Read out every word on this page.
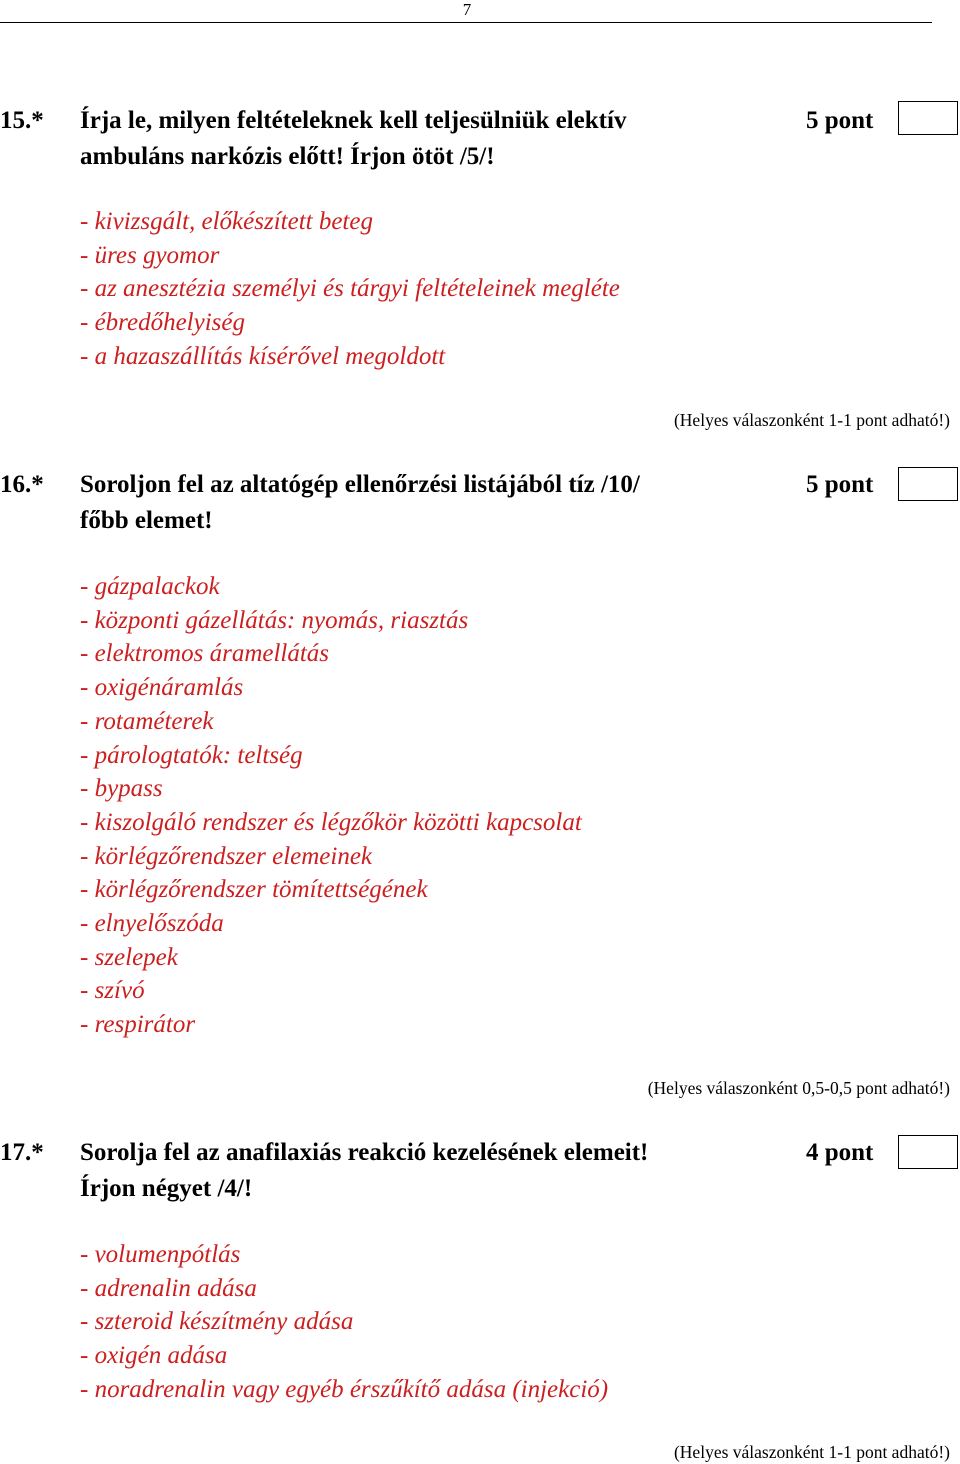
7
15.* Írja le, milyen feltételeknek kell teljesülniük elektív
ambuláns narkózis előtt! Írjon ötöt /5/!
5 pont
- kivizsgált, előkészített beteg
- üres gyomor
- az anesztézia személyi és tárgyi feltételeinek megléte
- ébredőhelyiség
- a hazaszállítás kísérővel megoldott
(Helyes válaszonként 1-1 pont adható!)
16.* Soroljon fel az altatógép ellenőrzési listájából tíz /10/
főbb elemet!
5 pont
- gázpalackok
- központi gázellátás: nyomás, riasztás
- elektromos áramellátás
- oxigénáramlás
- rotaméterek
- párologtatók: teltség
- bypass
- kiszolgáló rendszer és légzőkör közötti kapcsolat
- körlégzőrendszer elemeinek
- körlégzőrendszer tömítettségének
- elnyelőszóda
- szelepek
- szívó
- respirátor
(Helyes válaszonként 0,5-0,5 pont adható!)
17.* Sorolja fel az anafilaxiás reakció kezelésének elemeit!
Írjon négyet /4/!
4 pont
- volumenpótlás
- adrenalin adása
- szteroid készítmény adása
- oxigén adása
- noradrenalin vagy egyéb érszűkítő adása (injekció)
(Helyes válaszonként 1-1 pont adható!)
